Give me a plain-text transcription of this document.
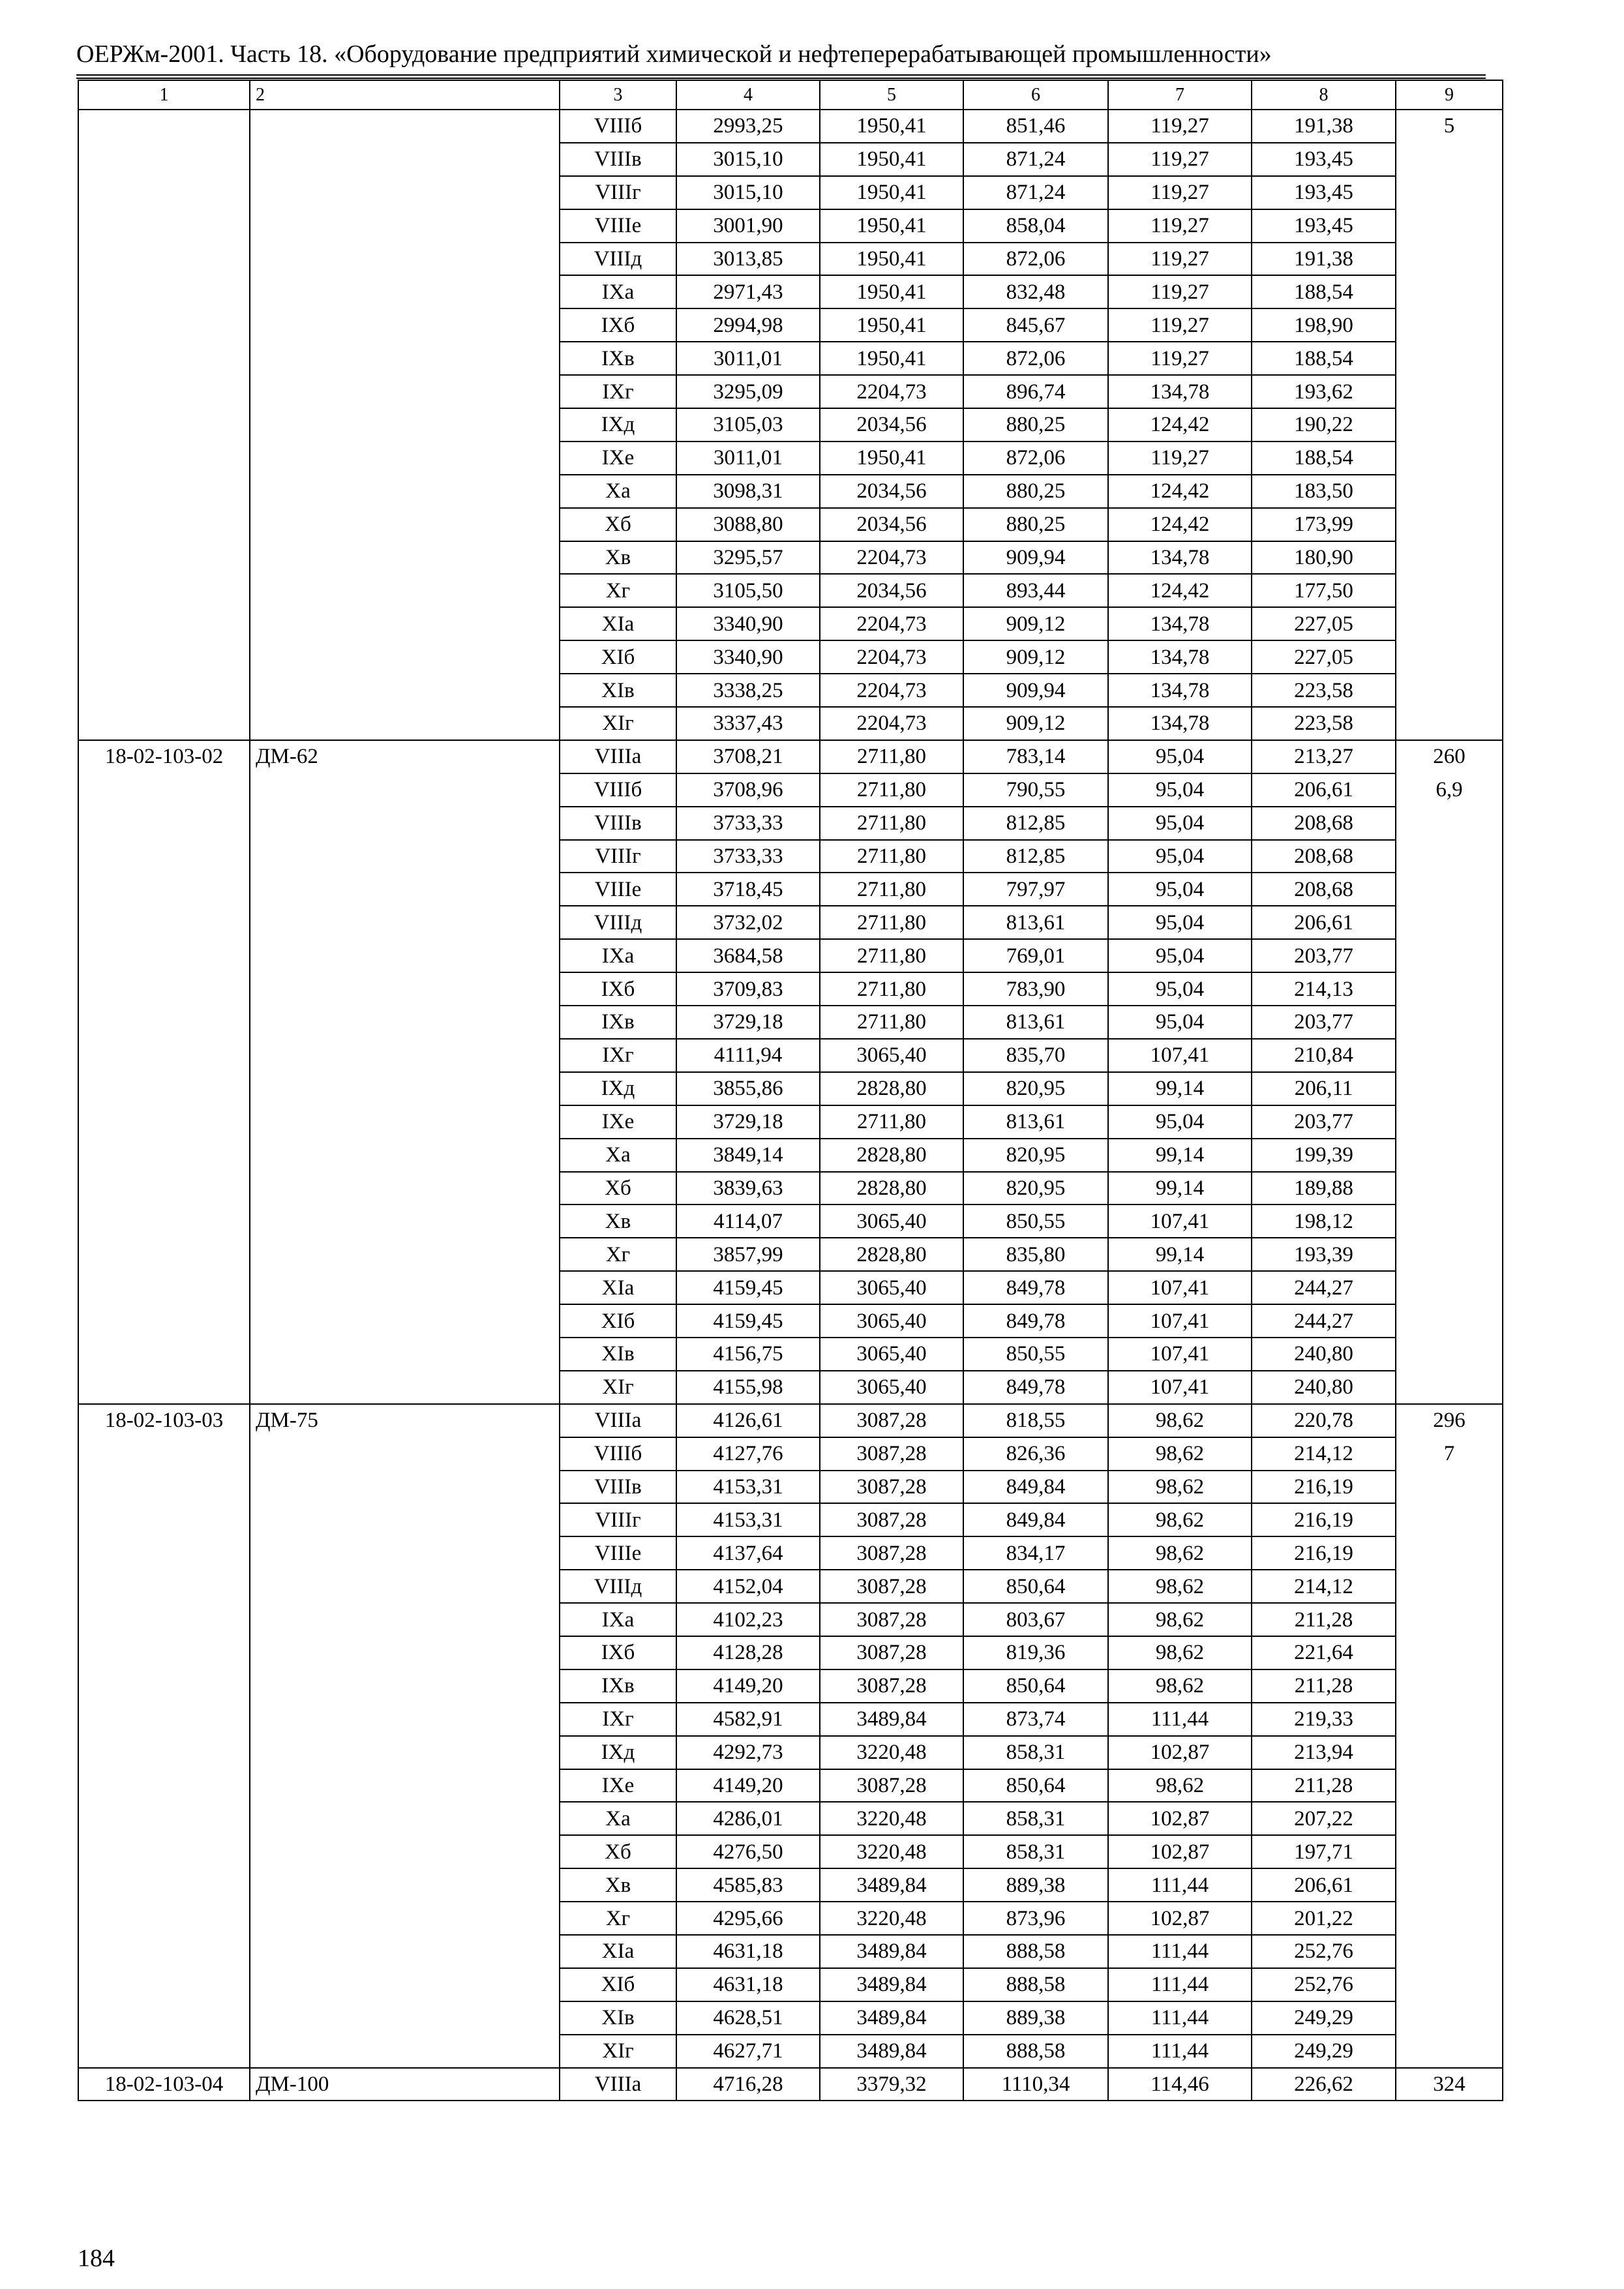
ОЕРЖм-2001. Часть 18. «Оборудование предприятий химической и нефтеперерабатывающей промышленности»
1	2	3	4	5	6	7	8	9
		VIIIб	2993,25	1950,41	851,46	119,27	191,38	5
		VIIIв	3015,10	1950,41	871,24	119,27	193,45	
		VIIIг	3015,10	1950,41	871,24	119,27	193,45	
		VIIIе	3001,90	1950,41	858,04	119,27	193,45	
		VIIIд	3013,85	1950,41	872,06	119,27	191,38	
		IXа	2971,43	1950,41	832,48	119,27	188,54	
		IXб	2994,98	1950,41	845,67	119,27	198,90	
		IXв	3011,01	1950,41	872,06	119,27	188,54	
		IXг	3295,09	2204,73	896,74	134,78	193,62	
		IXд	3105,03	2034,56	880,25	124,42	190,22	
		IXе	3011,01	1950,41	872,06	119,27	188,54	
		Xа	3098,31	2034,56	880,25	124,42	183,50	
		Xб	3088,80	2034,56	880,25	124,42	173,99	
		Xв	3295,57	2204,73	909,94	134,78	180,90	
		Xг	3105,50	2034,56	893,44	124,42	177,50	
		XIа	3340,90	2204,73	909,12	134,78	227,05	
		XIб	3340,90	2204,73	909,12	134,78	227,05	
		XIв	3338,25	2204,73	909,94	134,78	223,58	
		XIг	3337,43	2204,73	909,12	134,78	223,58	
18-02-103-02	ДМ-62	VIIIа	3708,21	2711,80	783,14	95,04	213,27	260
		VIIIб	3708,96	2711,80	790,55	95,04	206,61	6,9
		VIIIв	3733,33	2711,80	812,85	95,04	208,68	
		VIIIг	3733,33	2711,80	812,85	95,04	208,68	
		VIIIе	3718,45	2711,80	797,97	95,04	208,68	
		VIIIд	3732,02	2711,80	813,61	95,04	206,61	
		IXа	3684,58	2711,80	769,01	95,04	203,77	
		IXб	3709,83	2711,80	783,90	95,04	214,13	
		IXв	3729,18	2711,80	813,61	95,04	203,77	
		IXг	4111,94	3065,40	835,70	107,41	210,84	
		IXд	3855,86	2828,80	820,95	99,14	206,11	
		IXе	3729,18	2711,80	813,61	95,04	203,77	
		Xа	3849,14	2828,80	820,95	99,14	199,39	
		Xб	3839,63	2828,80	820,95	99,14	189,88	
		Xв	4114,07	3065,40	850,55	107,41	198,12	
		Xг	3857,99	2828,80	835,80	99,14	193,39	
		XIа	4159,45	3065,40	849,78	107,41	244,27	
		XIб	4159,45	3065,40	849,78	107,41	244,27	
		XIв	4156,75	3065,40	850,55	107,41	240,80	
		XIг	4155,98	3065,40	849,78	107,41	240,80	
18-02-103-03	ДМ-75	VIIIа	4126,61	3087,28	818,55	98,62	220,78	296
		VIIIб	4127,76	3087,28	826,36	98,62	214,12	7
		VIIIв	4153,31	3087,28	849,84	98,62	216,19	
		VIIIг	4153,31	3087,28	849,84	98,62	216,19	
		VIIIе	4137,64	3087,28	834,17	98,62	216,19	
		VIIIд	4152,04	3087,28	850,64	98,62	214,12	
		IXа	4102,23	3087,28	803,67	98,62	211,28	
		IXб	4128,28	3087,28	819,36	98,62	221,64	
		IXв	4149,20	3087,28	850,64	98,62	211,28	
		IXг	4582,91	3489,84	873,74	111,44	219,33	
		IXд	4292,73	3220,48	858,31	102,87	213,94	
		IXе	4149,20	3087,28	850,64	98,62	211,28	
		Xа	4286,01	3220,48	858,31	102,87	207,22	
		Xб	4276,50	3220,48	858,31	102,87	197,71	
		Xв	4585,83	3489,84	889,38	111,44	206,61	
		Xг	4295,66	3220,48	873,96	102,87	201,22	
		XIа	4631,18	3489,84	888,58	111,44	252,76	
		XIб	4631,18	3489,84	888,58	111,44	252,76	
		XIв	4628,51	3489,84	889,38	111,44	249,29	
		XIг	4627,71	3489,84	888,58	111,44	249,29	
18-02-103-04	ДМ-100	VIIIа	4716,28	3379,32	1110,34	114,46	226,62	324
184
